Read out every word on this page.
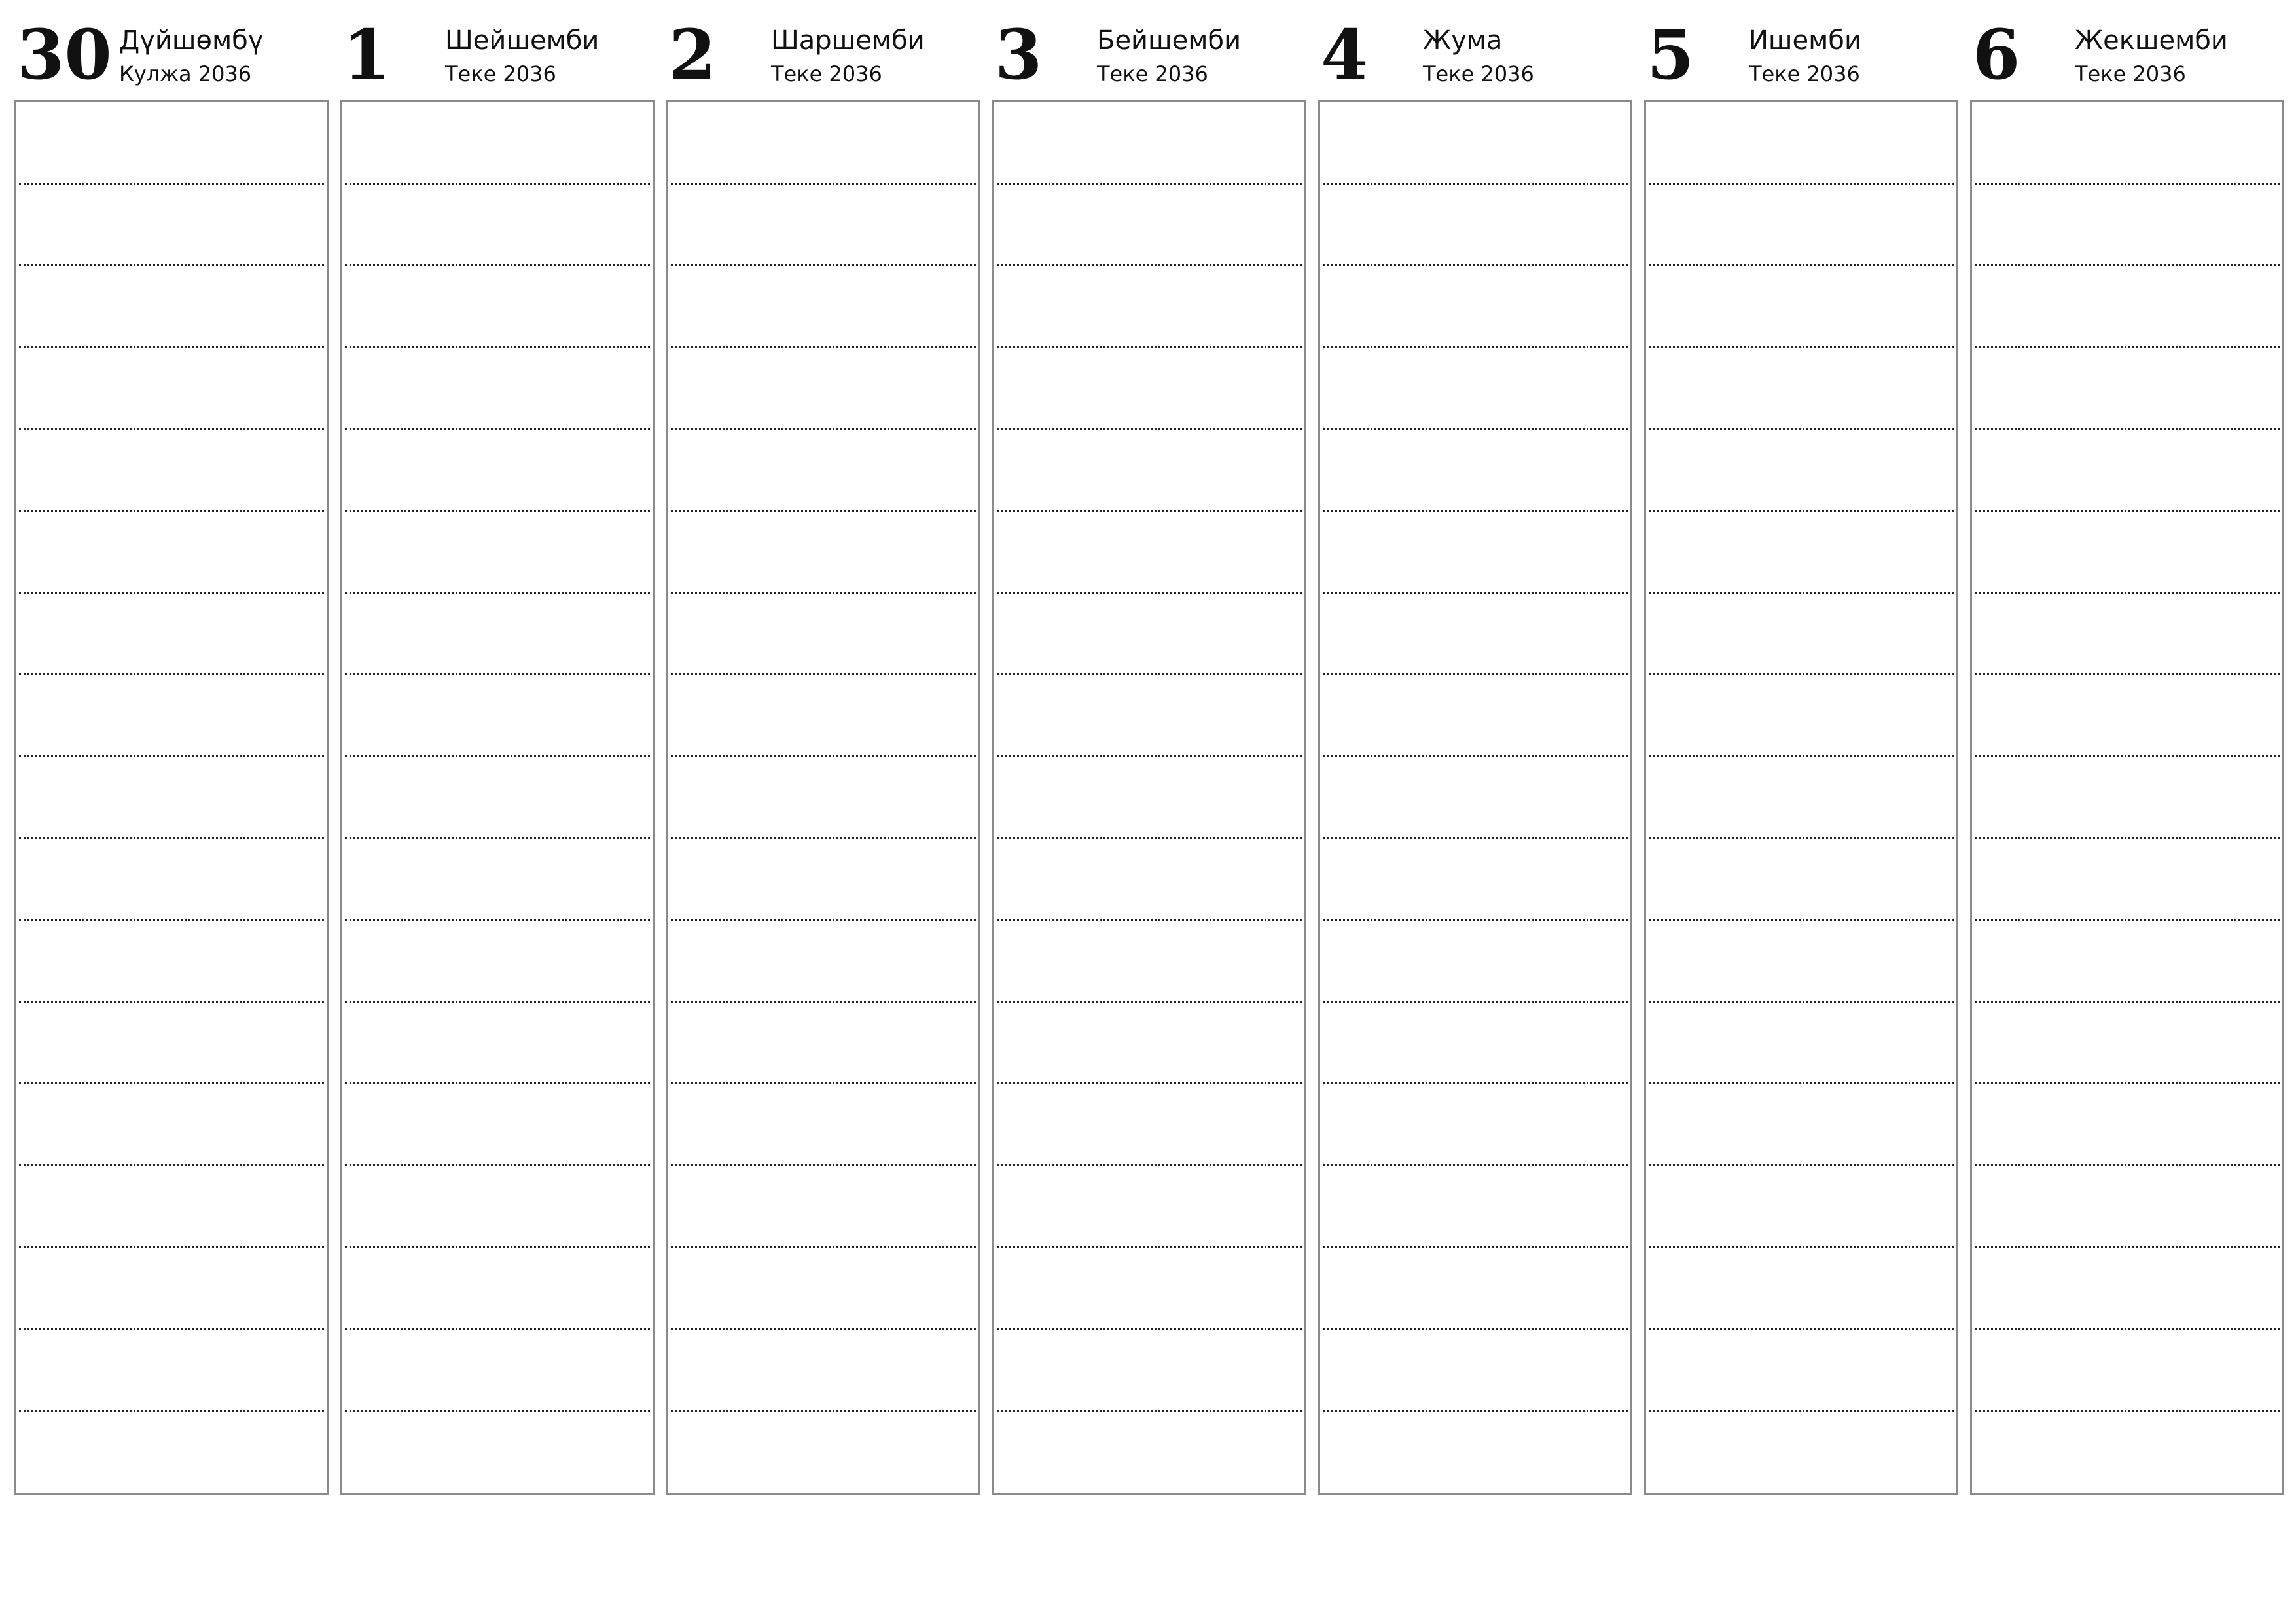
30 Дүйшөмбү
Кулжа 2036 1 Шейшемби
Теке 2036 2 Шаршемби
Теке 2036 3 Бейшемби
Теке 2036 4 Жума
Теке 2036 5 Ишемби
Теке 2036 6 Жекшемби
Теке 2036
